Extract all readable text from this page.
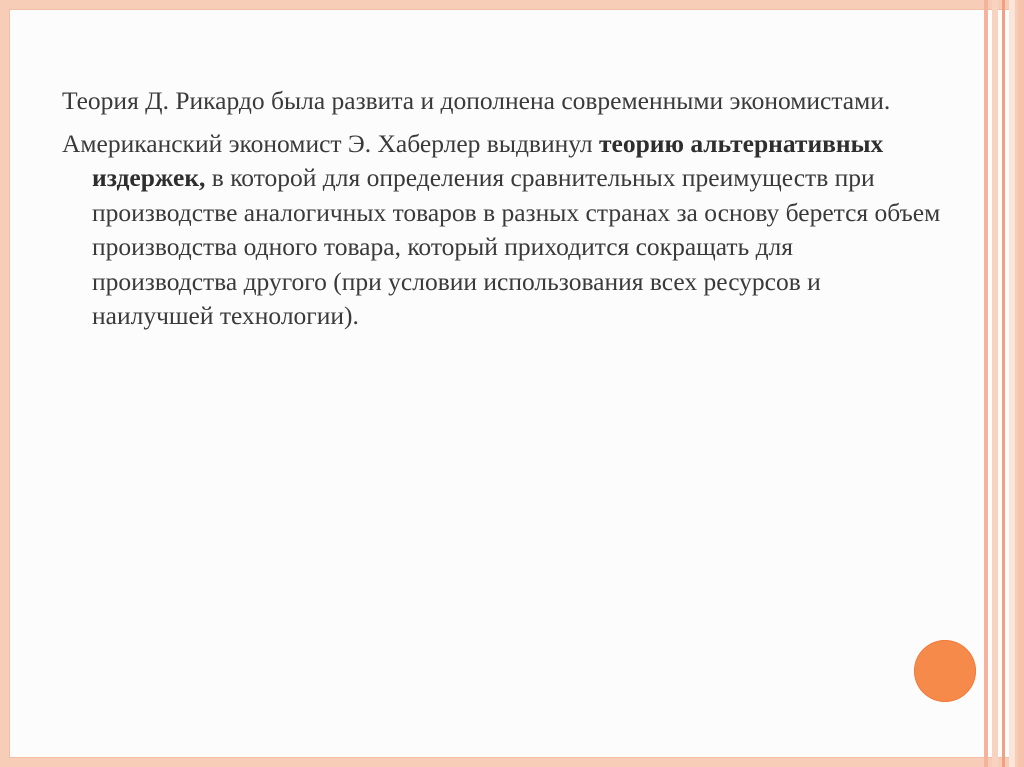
Теория Д. Рикардо была развита и дополнена современными экономистами.

Американский экономист Э. Хаберлер выдвинул теорию альтернативных издержек, в которой для определения сравнительных преимуществ при производстве аналогичных товаров в разных странах за основу берется объем производства одного товара, который приходится сокращать для производства другого (при условии использования всех ресурсов и наилучшей технологии).
